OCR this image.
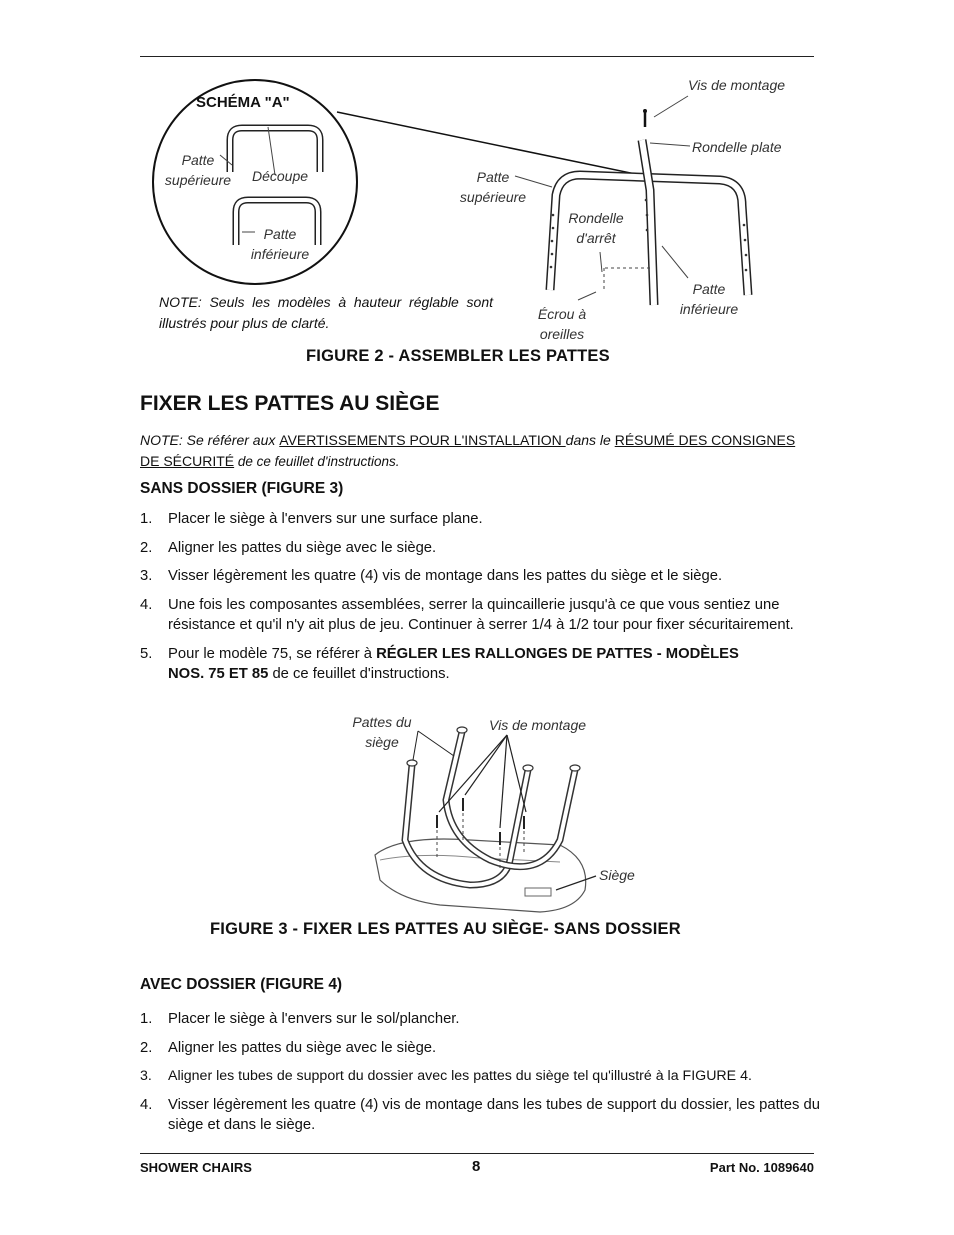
SCHÉMA "A"
Patte
supérieure Découpe
Patte
inférieure
Vis de montage
Rondelle plate
Patte
supérieure
Rondelle
d'arrêt
Patte
inférieure
Écrou à
oreilles
NOTE: Seuls les modèles à hauteur réglable sont illustrés pour plus de clarté.
FIGURE 2 - ASSEMBLER LES PATTES
FIXER LES PATTES AU SIÈGE
NOTE: Se référer aux AVERTISSEMENTS POUR L'INSTALLATION dans le RÉSUMÉ DES CONSIGNES
DE SÉCURITÉ de ce feuillet d'instructions.
SANS DOSSIER (FIGURE 3)
1. Placer le siège à l'envers sur une surface plane.
2. Aligner les pattes du siège avec le siège.
3. Visser légèrement les quatre (4) vis de montage dans les pattes du siège et le siège.
4. Une fois les composantes assemblées, serrer la quincaillerie jusqu'à ce que vous sentiez une résistance et qu'il n'y ait plus de jeu. Continuer à serrer 1/4 à 1/2 tour pour fixer sécuritairement.
5. Pour le modèle 75, se référer à RÉGLER LES RALLONGES DE PATTES - MODÈLES NOS. 75 ET 85 de ce feuillet d'instructions.
Pattes du
siège
Vis de montage
Siège
FIGURE 3 - FIXER LES PATTES AU SIÈGE- SANS DOSSIER
AVEC DOSSIER (FIGURE 4)
1. Placer le siège à l'envers sur le sol/plancher.
2. Aligner les pattes du siège avec le siège.
3. Aligner les tubes de support du dossier avec les pattes du siège tel qu'illustré à la FIGURE 4.
4. Visser légèrement les quatre (4) vis de montage dans les tubes de support du dossier, les pattes du siège et dans le siège.
SHOWER CHAIRS	8	Part No. 1089640
